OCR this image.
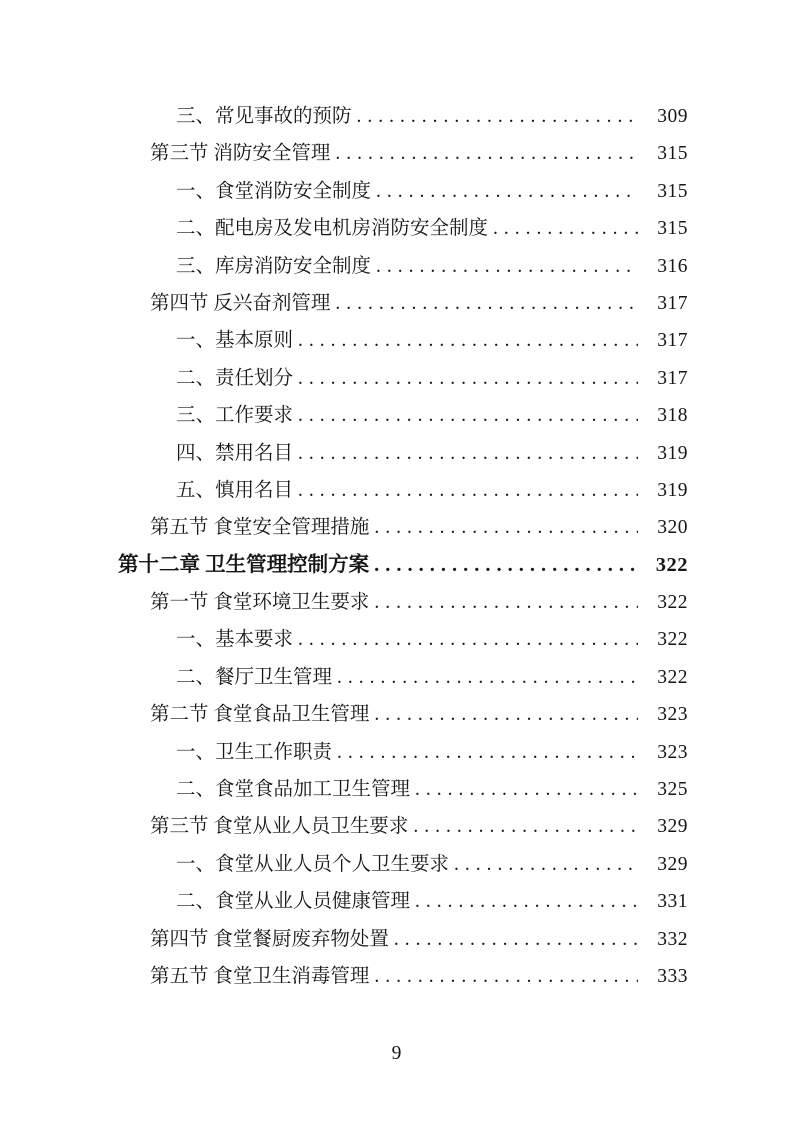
三、常见事故的预防 .....	309
第三节 消防安全管理 .....	315
一、食堂消防安全制度 .....	315
二、配电房及发电机房消防安全制度 .....	315
三、库房消防安全制度 .....	316
第四节 反兴奋剂管理 .....	317
一、基本原则 .....	317
二、责任划分 .....	317
三、工作要求 .....	318
四、禁用名目 .....	319
五、慎用名目 .....	319
第五节 食堂安全管理措施 .....	320
第十二章 卫生管理控制方案 .....	322
第一节 食堂环境卫生要求 .....	322
一、基本要求 .....	322
二、餐厅卫生管理 .....	322
第二节 食堂食品卫生管理 .....	323
一、卫生工作职责 .....	323
二、食堂食品加工卫生管理 .....	325
第三节 食堂从业人员卫生要求 .....	329
一、食堂从业人员个人卫生要求 .....	329
二、食堂从业人员健康管理 .....	331
第四节 食堂餐厨废弃物处置 .....	332
第五节 食堂卫生消毒管理 .....	333
9
